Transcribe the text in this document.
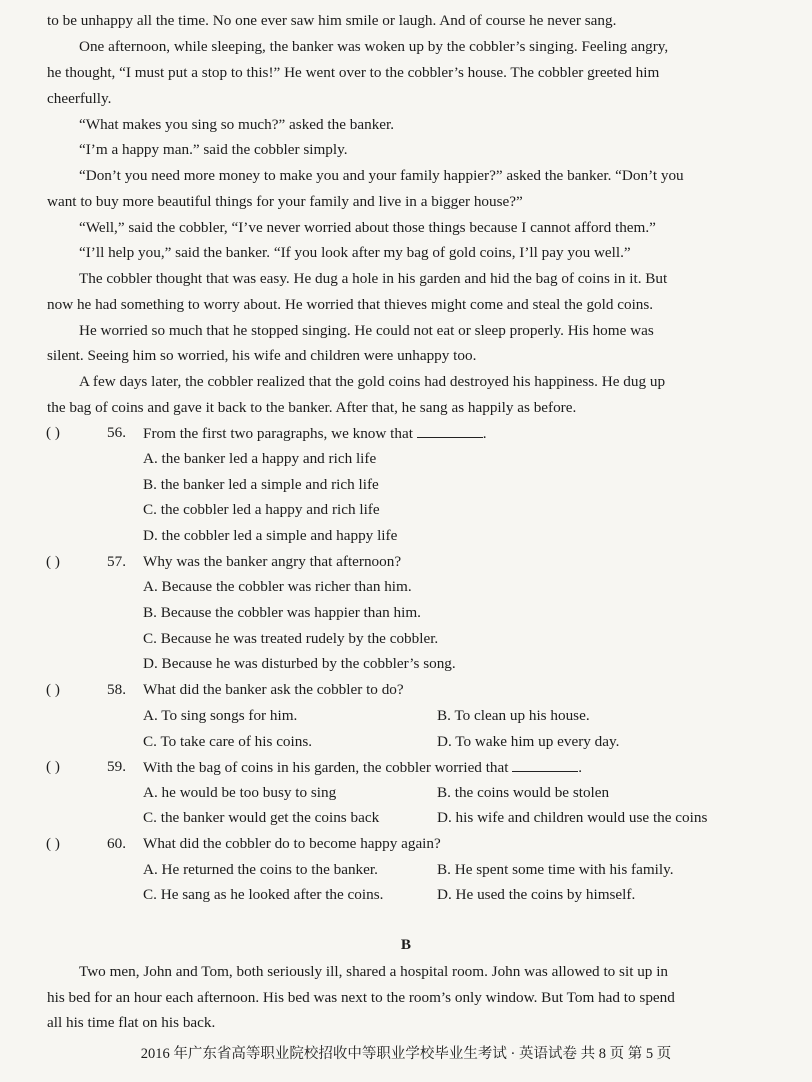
to be unhappy all the time. No one ever saw him smile or laugh. And of course he never sang.
One afternoon, while sleeping, the banker was woken up by the cobbler’s singing. Feeling angry,
he thought, “I must put a stop to this!” He went over to the cobbler’s house. The cobbler greeted him
cheerfully.
“What makes you sing so much?” asked the banker.
“I’m a happy man.” said the cobbler simply.
“Don’t you need more money to make you and your family happier?” asked the banker. “Don’t you
want to buy more beautiful things for your family and live in a bigger house?”
“Well,” said the cobbler, “I’ve never worried about those things because I cannot afford them.”
“I’ll help you,” said the banker. “If you look after my bag of gold coins, I’ll pay you well.”
The cobbler thought that was easy. He dug a hole in his garden and hid the bag of coins in it. But
now he had something to worry about. He worried that thieves might come and steal the gold coins.
He worried so much that he stopped singing. He could not eat or sleep properly. His home was
silent. Seeing him so worried, his wife and children were unhappy too.
A few days later, the cobbler realized that the gold coins had destroyed his happiness. He dug up
the bag of coins and gave it back to the banker. After that, he sang as happily as before.
( )	56. From the first two paragraphs, we know that	.
A. the banker led a happy and rich life
B. the banker led a simple and rich life
C. the cobbler led a happy and rich life
D. the cobbler led a simple and happy life
( )	57. Why was the banker angry that afternoon?
A. Because the cobbler was richer than him.
B. Because the cobbler was happier than him.
C. Because he was treated rudely by the cobbler.
D. Because he was disturbed by the cobbler’s song.
( )	58. What did the banker ask the cobbler to do?
A. To sing songs for him.	B. To clean up his house.
C. To take care of his coins.	D. To wake him up every day.
( )	59. With the bag of coins in his garden, the cobbler worried that	.
A. he would be too busy to sing	B. the coins would be stolen
C. the banker would get the coins back	D. his wife and children would use the coins
( )	60. What did the cobbler do to become happy again?
A. He returned the coins to the banker.	B. He spent some time with his family.
C. He sang as he looked after the coins.	D. He used the coins by himself.
B
Two men, John and Tom, both seriously ill, shared a hospital room. John was allowed to sit up in
his bed for an hour each afternoon. His bed was next to the room’s only window. But Tom had to spend
all his time flat on his back.
2016 年广东省高等职业院校招收中等职业学校毕业生考试 · 英语试卷 共 8 页 第 5 页
